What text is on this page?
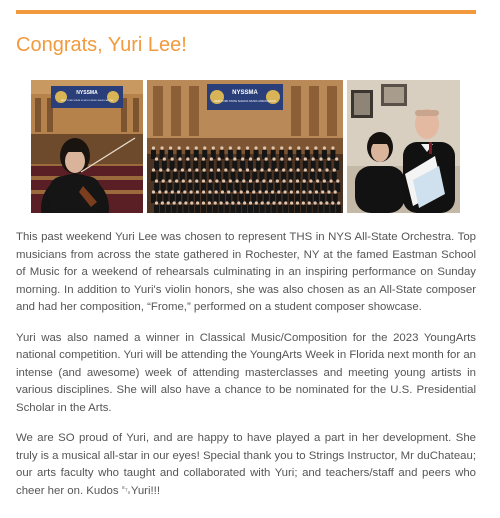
Congrats, Yuri Lee!
NYSSMA
NEW YORK STATE SCHOOL MUSIC ASSOCIATION
NYSSMA
NEW YORK STATE SCHOOL MUSIC ASSOCIATION

This past weekend Yuri Lee was chosen to represent THS in NYS All-State Orchestra. Top musicians from across the state gathered in Rochester, NY at the famed Eastman School of Music for a weekend of rehearsals culminating in an inspiring performance on Sunday morning. In addition to Yuri's violin honors, she was also chosen as an All-State composer and had her composition, “Frome,” performed on a student composer showcase.

Yuri was also named a winner in Classical Music/Composition for the 2023 YoungArts national competition. Yuri will be attending the YoungArts Week in Florida next month for an intense (and awesome) week of attending masterclasses and meeting young artists in various disciplines. She will also have a chance to be nominated for the U.S. Presidential Scholar in the Arts.

We are SO proud of Yuri, and are happy to have played a part in her development. She truly is a musical all-star in our eyes! Special thank you to Strings Instructor, Mr duChateau; our arts faculty who taught and collaborated with Yuri; and teachers/staff and peers who cheer her on. Kudos ␃Yuri!!!
